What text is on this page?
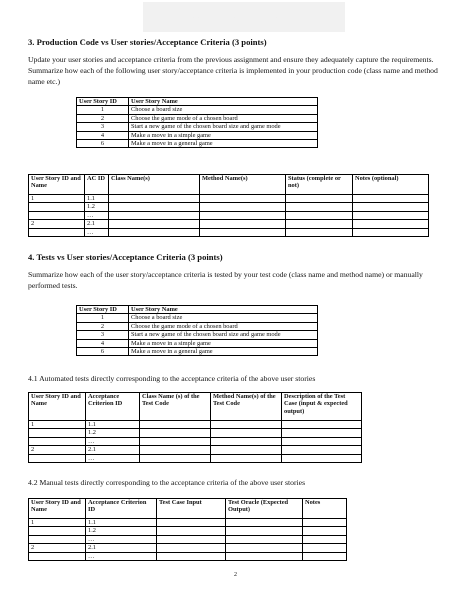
Moodle | Learning Resources
3. Production Code vs User stories/Acceptance Criteria (3 points)
Update your user stories and acceptance criteria from the previous assignment and ensure they adequately capture the requirements. Summarize how each of the following user story/acceptance criteria is implemented in your production code (class name and method name etc.)
User Story ID	User Story Name
1	Choose a board size
2	Choose the game mode of a chosen board
3	Start a new game of the chosen board size and game mode
4	Make a move in a simple game
6	Make a move in a general game
User Story ID and Name	AC ID	Class Name(s)	Method Name(s)	Status (complete or not)	Notes (optional)
1	1.1				
	1.2				
	…				
2	2.1				
	…				
4. Tests vs User stories/Acceptance Criteria (3 points)
Summarize how each of the user story/acceptance criteria is tested by your test code (class name and method name) or manually performed tests.
User Story ID	User Story Name
1	Choose a board size
2	Choose the game mode of a chosen board
3	Start a new game of the chosen board size and game mode
4	Make a move in a simple game
6	Make a move in a general game
4.1 Automated tests directly corresponding to the acceptance criteria of the above user stories
User Story ID and Name	Acceptance Criterion ID	Class Name (s) of the Test Code	Method Name(s) of the Test Code	Description of the Test Case (input & expected output)
1	1.1			
	1.2			
	…			
2	2.1			
	…			
4.2 Manual tests directly corresponding to the acceptance criteria of the above user stories
User Story ID and Name	Acceptance Criterion ID	Test Case Input	Test Oracle (Expected Output)	Notes
1	1.1			
	1.2			
	…			
2	2.1			
	…			
2
